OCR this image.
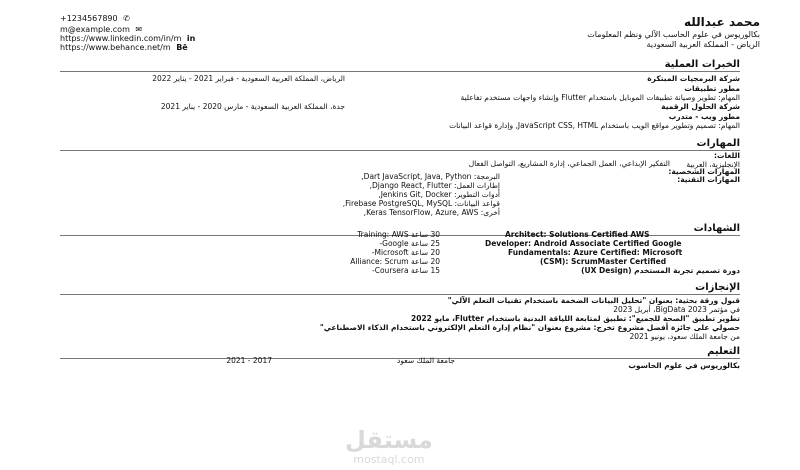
محمد عبدالله
بكالوريوس في علوم الحاسب الآلي ونظم المعلومات
الرياض - المملكة العربية السعودية
+1234567890 ✆
m@example.com ✉
https://www.linkedin.com/in/m in
https://www.behance.net/m Bē
الخبرات العملية
شركة البرمجيات المبتكرة
الرياض، المملكة العربية السعودية - فبراير 2021 - يناير 2022
مطور تطبيقات
المهام: تطوير وصيانة تطبيقات الموبايل باستخدام Flutter وإنشاء واجهات مستخدم تفاعلية
شركة الحلول الرقمية
جدة، المملكة العربية السعودية - مارس 2020 - يناير 2021
مطور ويب - متدرب
المهام: تصميم وتطوير مواقع الويب باستخدام JavaScript CSS, HTML, وإدارة قواعد البيانات
المهارات
اللغات:
الإنجليزية، العربية
المهارات الشخصية:
التفكير الإبداعي، العمل الجماعي، إدارة المشاريع، التواصل الفعال
المهارات التقنية:
البرمجة: Dart JavaScript, Java, Python,
إطارات العمل: Django React, Flutter,
أدوات التطوير: Jenkins Git, Docker,
قواعد البيانات: Firebase PostgreSQL, MySQL,
أخرى: Keras TensorFlow, Azure, AWS,
الشهادات
Architect: Solutions Certified AWS
Developer: Android Associate Certified Google
Fundamentals: Azure Certified: Microsoft
(CSM): ScrumMaster Certified
دورة تصميم تجربة المستخدم (UX Design)
30 ساعة Training: AWS
25 ساعة Google-
20 ساعة Microsoft-
20 ساعة Alliance: Scrum
15 ساعة Coursera-
الإنجازات
قبول ورقة بحثية: بعنوان "تحليل البيانات الضخمة باستخدام تقنيات التعلم الآلي"
في مؤتمر BigData 2023، أبريل 2023
تطوير تطبيق "الصحة للجميع": تطبيق لمتابعة اللياقة البدنية باستخدام Flutter، مايو 2022
حصولي على جائزة أفضل مشروع تخرج: مشروع بعنوان "نظام إدارة التعلم الإلكتروني باستخدام الذكاء الاصطناعي"
من جامعة الملك سعود، يونيو 2021
التعليم
بكالوريوس في علوم الحاسوب
جامعة الملك سعود
2017 - 2021
مستقل
mostaql.com
